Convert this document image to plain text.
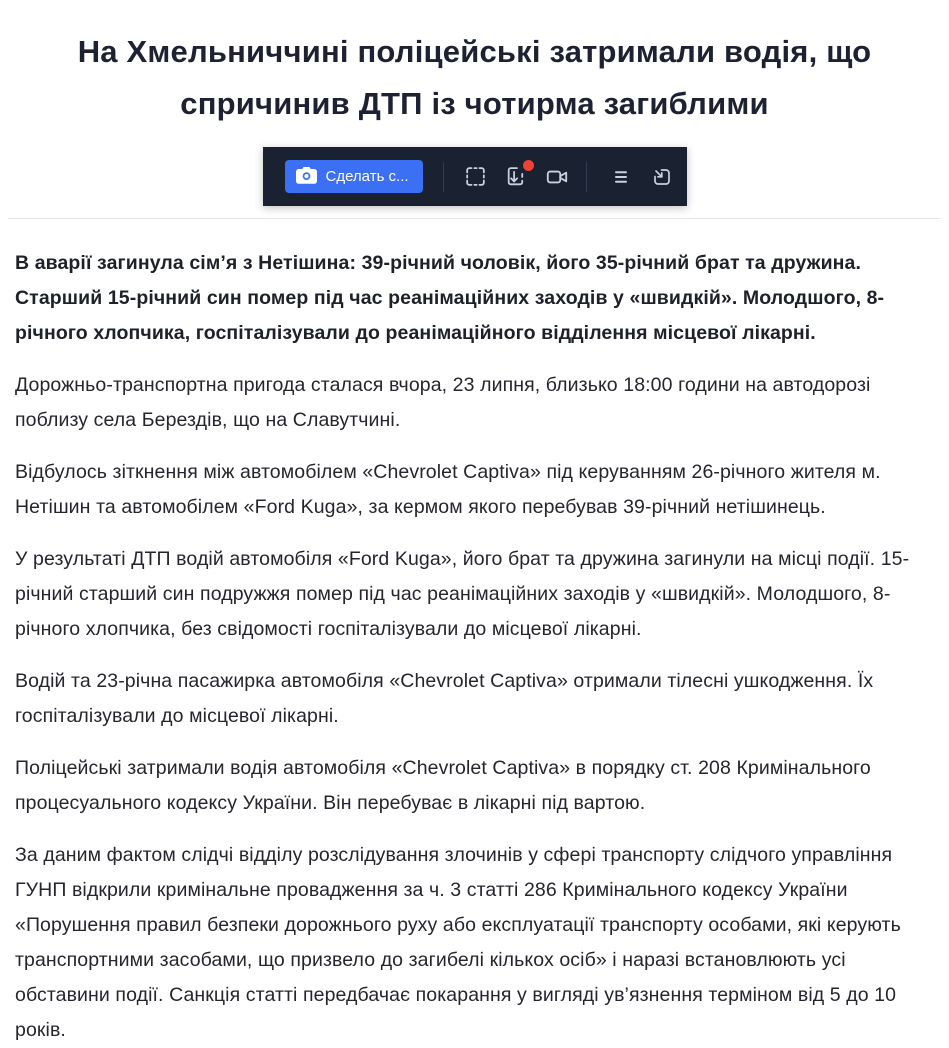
На Хмельниччині поліцейські затримали водія, що спричинив ДТП із чотирма загиблими
Сделать с...

В аварії загинула сім’я з Нетішина: 39-річний чоловік, його 35-річний брат та дружина. Старший 15-річний син помер під час реанімаційних заходів у «швидкій». Молодшого, 8-річного хлопчика, госпіталізували до реанімаційного відділення місцевої лікарні.

Дорожньо-транспортна пригода сталася вчора, 23 липня, близько 18:00 години на автодорозі поблизу села Берездів, що на Славутчині.

Відбулось зіткнення між автомобілем «Chevrolet Captiva» під керуванням 26-річного жителя м. Нетішин та автомобілем «Ford Kuga», за кермом якого перебував 39-річний нетішинець.

У результаті ДТП водій автомобіля «Ford Kuga», його брат та дружина загинули на місці події. 15-річний старший син подружжя помер під час реанімаційних заходів у «швидкій». Молодшого, 8-річного хлопчика, без свідомості госпіталізували до місцевої лікарні.

Водій та 23-річна пасажирка автомобіля «Chevrolet Captiva» отримали тілесні ушкодження. Їх госпіталізували до місцевої лікарні.

Поліцейські затримали водія автомобіля «Chevrolet Captiva» в порядку ст. 208 Кримінального процесуального кодексу України. Він перебуває в лікарні під вартою.

За даним фактом слідчі відділу розслідування злочинів у сфері транспорту слідчого управління ГУНП відкрили кримінальне провадження за ч. 3 статті 286 Кримінального кодексу України «Порушення правил безпеки дорожнього руху або експлуатації транспорту особами, які керують транспортними засобами, що призвело до загибелі кількох осіб» і наразі встановлюють усі обставини події. Санкція статті передбачає покарання у вигляді ув’язнення терміном від 5 до 10 років.
